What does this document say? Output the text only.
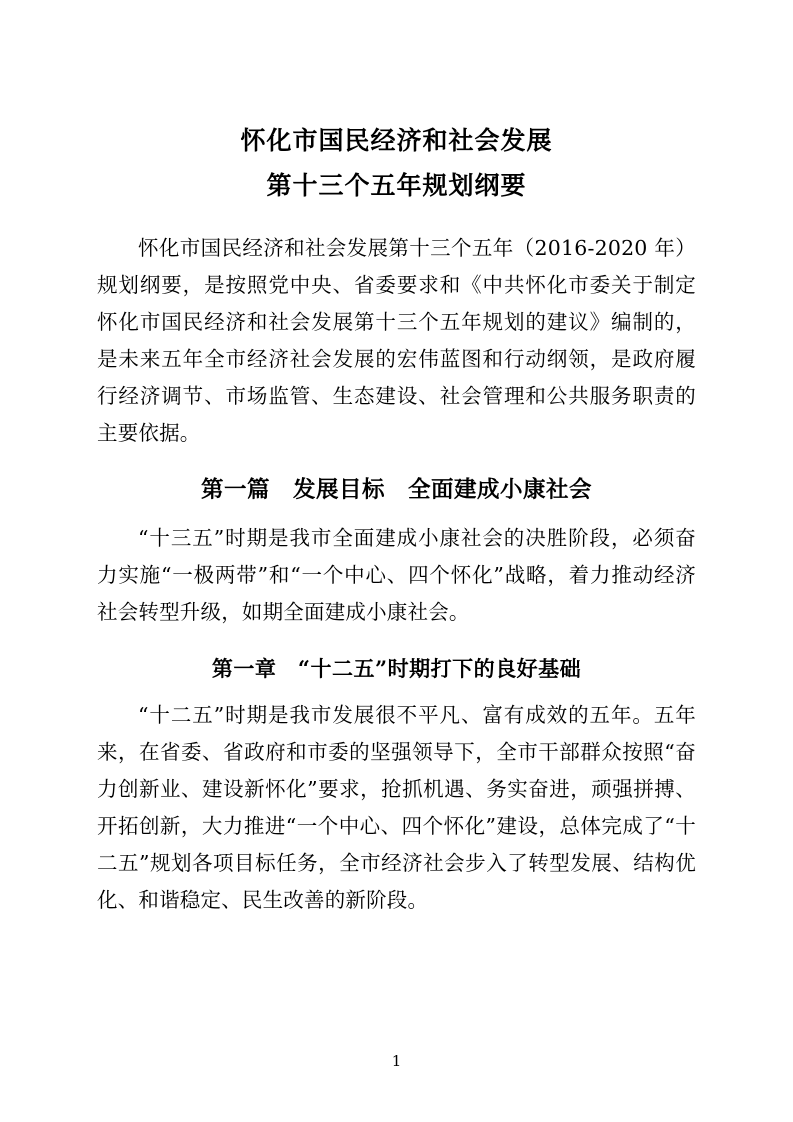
怀化市国民经济和社会发展
第十三个五年规划纲要

怀化市国民经济和社会发展第十三个五年（2016-2020 年）规划纲要，是按照党中央、省委要求和《中共怀化市委关于制定怀化市国民经济和社会发展第十三个五年规划的建议》编制的，是未来五年全市经济社会发展的宏伟蓝图和行动纲领，是政府履行经济调节、市场监管、生态建设、社会管理和公共服务职责的主要依据。

第一篇　发展目标　全面建成小康社会

“十三五”时期是我市全面建成小康社会的决胜阶段，必须奋力实施“一极两带”和“一个中心、四个怀化”战略，着力推动经济社会转型升级，如期全面建成小康社会。

第一章　“十二五”时期打下的良好基础

“十二五”时期是我市发展很不平凡、富有成效的五年。五年来，在省委、省政府和市委的坚强领导下，全市干部群众按照“奋力创新业、建设新怀化”要求，抢抓机遇、务实奋进，顽强拼搏、开拓创新，大力推进“一个中心、四个怀化”建设，总体完成了“十二五”规划各项目标任务，全市经济社会步入了转型发展、结构优化、和谐稳定、民生改善的新阶段。

1
